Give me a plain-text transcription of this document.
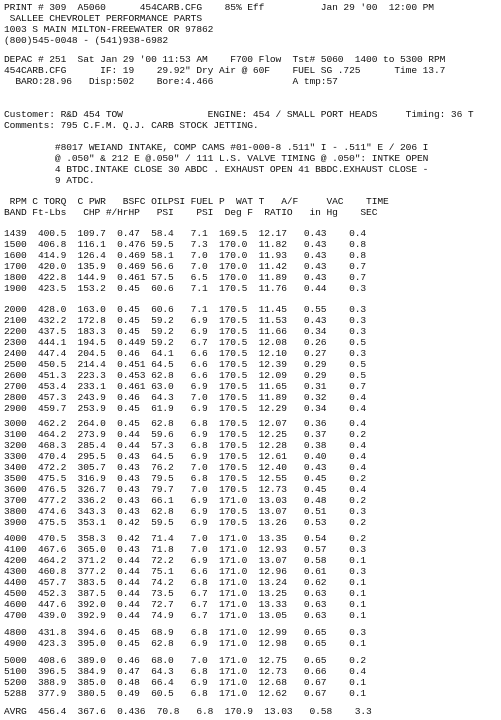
PRINT # 309  A5060      454CARB.CFG    85% Eff          Jan 29 '00  12:00 PM
SALLEE CHEVROLET PERFORMANCE PARTS
1003 S MAIN MILTON-FREEWATER OR 97862
(800)545-0048 - (541)938-6982
DEPAC # 251  Sat Jan 29 '00 11:53 AM    F700 Flow  Tst# 5060  1400 to 5300 RPM
454CARB.CFG      IF: 19    29.92" Dry Air @ 60F    FUEL SG .725      Time 13.7
BARO:28.96   Disp:502    Bore:4.466              A tmp:57
Customer: R&D 454 TOW               ENGINE: 454 / SMALL PORT HEADS     Timing: 36 T
Comments: 795 C.F.M. Q.J. CARB STOCK JETTING.
#8017 WEIAND INTAKE, COMP CAMS #01-000-8 .511" I - .511" E / 206 I
@ .050" & 212 E @.050" / 111 L.S. VALVE TIMING @ .050": INTKE OPEN
4 BTDC.INTAKE CLOSE 30 ABDC . EXHAUST OPEN 41 BBDC.EXHAUST CLOSE -
9 ATDC.
RPM C TORQ  C PWR   BSFC OILPSI FUEL P  WAT T   A/F     VAC    TIME
BAND Ft-Lbs   CHP #/HrHP   PSI    PSI  Deg F  RATIO   in Hg    SEC
1439  400.5  109.7  0.47  58.4   7.1  169.5  12.17   0.43    0.4
1500  406.8  116.1  0.476 59.5   7.3  170.0  11.82   0.43    0.8
1600  414.9  126.4  0.469 58.1   7.0  170.0  11.93   0.43    0.8
1700  420.0  135.9  0.469 56.6   7.0  170.0  11.42   0.43    0.7
1800  422.8  144.9  0.461 57.5   6.5  170.0  11.89   0.43    0.7
1900  423.5  153.2  0.45  60.6   7.1  170.5  11.76   0.44    0.3
2000  428.0  163.0  0.45  60.6   7.1  170.5  11.45   0.55    0.3
2100  432.2  172.8  0.45  59.2   6.9  170.5  11.53   0.43    0.3
2200  437.5  183.3  0.45  59.2   6.9  170.5  11.66   0.34    0.3
2300  444.1  194.5  0.449 59.2   6.7  170.5  12.08   0.26    0.5
2400  447.4  204.5  0.46  64.1   6.6  170.5  12.10   0.27    0.3
2500  450.5  214.4  0.451 64.5   6.6  170.5  12.39   0.29    0.5
2600  451.3  223.3  0.453 62.8   6.6  170.5  12.09   0.29    0.5
2700  453.4  233.1  0.461 63.0   6.9  170.5  11.65   0.31    0.7
2800  457.3  243.9  0.46  64.3   7.0  170.5  11.89   0.32    0.4
2900  459.7  253.9  0.45  61.9   6.9  170.5  12.29   0.34    0.4
3000  462.2  264.0  0.45  62.8   6.8  170.5  12.07   0.36    0.4
3100  464.2  273.9  0.44  59.6   6.9  170.5  12.25   0.37    0.2
3200  468.3  285.4  0.44  57.3   6.8  170.5  12.28   0.38    0.4
3300  470.4  295.5  0.43  64.5   6.9  170.5  12.61   0.40    0.4
3400  472.2  305.7  0.43  76.2   7.0  170.5  12.40   0.43    0.4
3500  475.5  316.9  0.43  79.5   6.8  170.5  12.55   0.45    0.2
3600  476.5  326.7  0.43  79.7   7.0  170.5  12.73   0.45    0.4
3700  477.2  336.2  0.43  66.1   6.9  171.0  13.03   0.48    0.2
3800  474.6  343.3  0.43  62.8   6.9  170.5  13.07   0.51    0.3
3900  475.5  353.1  0.42  59.5   6.9  170.5  13.26   0.53    0.2
4000  470.5  358.3  0.42  71.4   7.0  171.0  13.35   0.54    0.2
4100  467.6  365.0  0.43  71.8   7.0  171.0  12.93   0.57    0.3
4200  464.2  371.2  0.44  72.2   6.9  171.0  13.07   0.58    0.1
4300  460.8  377.2  0.44  75.1   6.6  171.0  12.96   0.61    0.3
4400  457.7  383.5  0.44  74.2   6.8  171.0  13.24   0.62    0.1
4500  452.3  387.5  0.44  73.5   6.7  171.0  13.25   0.63    0.1
4600  447.6  392.0  0.44  72.7   6.7  171.0  13.33   0.63    0.1
4700  439.0  392.9  0.44  74.9   6.7  171.0  13.05   0.63    0.1
4800  431.8  394.6  0.45  68.9   6.8  171.0  12.99   0.65    0.3
4900  423.3  395.0  0.45  62.8   6.9  171.0  12.98   0.65    0.1
5000  408.6  389.0  0.46  68.0   7.0  171.0  12.75   0.65    0.2
5100  396.5  384.9  0.47  64.3   6.8  171.0  12.73   0.66    0.4
5200  388.9  385.0  0.48  66.4   6.9  171.0  12.68   0.67    0.1
5288  377.9  380.5  0.49  60.5   6.8  171.0  12.62   0.67    0.1
AVRG  456.4  367.6  0.436  70.8   6.8  170.9  13.03   0.58    3.3
